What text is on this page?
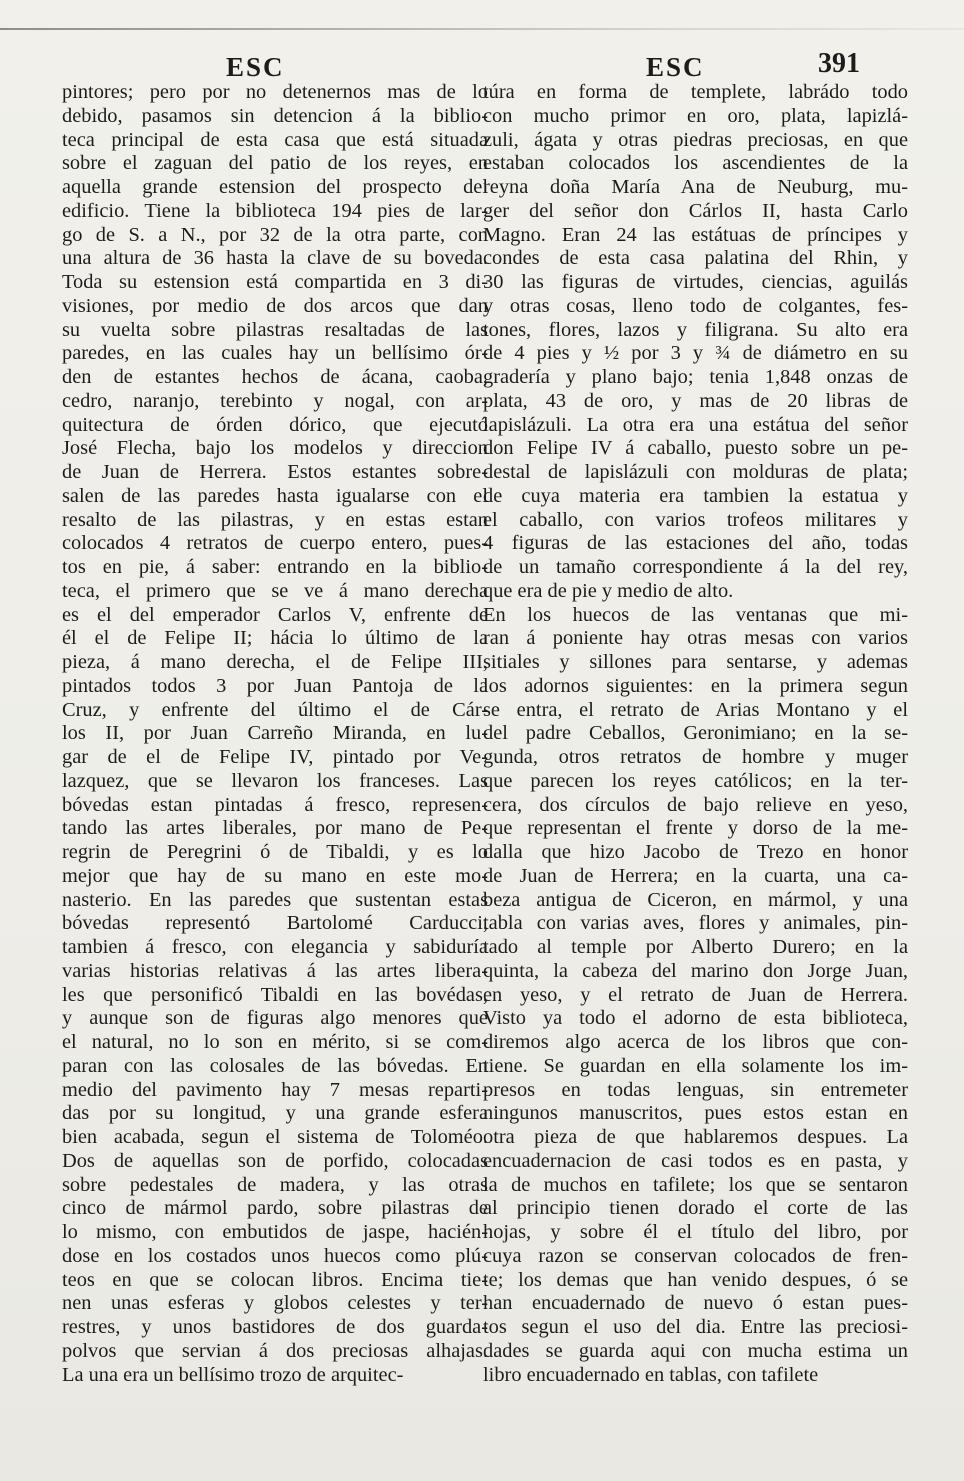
ESC	ESC	391
pintores; pero por no detenernos mas de lo
debido, pasamos sin detencion á la biblio-
teca principal de esta casa que está situada
sobre el zaguan del patio de los reyes, en
aquella grande estension del prospecto del
edificio. Tiene la biblioteca 194 pies de lar-
go de S. a N., por 32 de la otra parte, con
una altura de 36 hasta la clave de su boveda.
Toda su estension está compartida en 3 di-
visiones, por medio de dos arcos que dan
su vuelta sobre pilastras resaltadas de las
paredes, en las cuales hay un bellísimo ór-
den de estantes hechos de ácana, caoba,
cedro, naranjo, terebinto y nogal, con ar-
quitectura de órden dórico, que ejecutó
José Flecha, bajo los modelos y direccion
de Juan de Herrera. Estos estantes sobre-
salen de las paredes hasta igualarse con el
resalto de las pilastras, y en estas estan
colocados 4 retratos de cuerpo entero, pues-
tos en pie, á saber: entrando en la biblio-
teca, el primero que se ve á mano derecha
es el del emperador Carlos V, enfrente de
él el de Felipe II; hácia lo último de la
pieza, á mano derecha, el de Felipe III,
pintados todos 3 por Juan Pantoja de la
Cruz, y enfrente del último el de Cár-
los II, por Juan Carreño Miranda, en lu-
gar de el de Felipe IV, pintado por Ve-
lazquez, que se llevaron los franceses. Las
bóvedas estan pintadas á fresco, represen-
tando las artes liberales, por mano de Pe-
regrin de Peregrini ó de Tibaldi, y es lo
mejor que hay de su mano en este mo-
nasterio. En las paredes que sustentan estas
bóvedas representó Bartolomé Carducci,
tambien á fresco, con elegancia y sabiduría
varias historias relativas á las artes libera-
les que personificó Tibaldi en las bovédas,
y aunque son de figuras algo menores que
el natural, no lo son en mérito, si se com-
paran con las colosales de las bóvedas. En
medio del pavimento hay 7 mesas reparti-
das por su longitud, y una grande esfera
bien acabada, segun el sistema de Toloméo.
Dos de aquellas son de porfido, colocadas
sobre pedestales de madera, y las otras
cinco de mármol pardo, sobre pilastras de
lo mismo, con embutidos de jaspe, hacién-
dose en los costados unos huecos como plú-
teos en que se colocan libros. Encima tie-
nen unas esferas y globos celestes y ter-
restres, y unos bastidores de dos guarda-
polvos que servian á dos preciosas alhajas.
La una era un bellísimo trozo de arquitec-
túra en forma de templete, labrádo todo
con mucho primor en oro, plata, lapizlá-
zuli, ágata y otras piedras preciosas, en que
estaban colocados los ascendientes de la
reyna doña María Ana de Neuburg, mu-
ger del señor don Cárlos II, hasta Carlo
Magno. Eran 24 las estátuas de príncipes y
condes de esta casa palatina del Rhin, y
30 las figuras de virtudes, ciencias, aguilás
y otras cosas, lleno todo de colgantes, fes-
tones, flores, lazos y filigrana. Su alto era
de 4 pies y ½ por 3 y ¾ de diámetro en su
gradería y plano bajo; tenia 1,848 onzas de
plata, 43 de oro, y mas de 20 libras de
lapislázuli. La otra era una estátua del señor
don Felipe IV á caballo, puesto sobre un pe-
destal de lapislázuli con molduras de plata;
de cuya materia era tambien la estatua y
el caballo, con varios trofeos militares y
4 figuras de las estaciones del año, todas
de un tamaño correspondiente á la del rey,
que era de pie y medio de alto.
En los huecos de las ventanas que mi-
ran á poniente hay otras mesas con varios
sitiales y sillones para sentarse, y ademas
los adornos siguientes: en la primera segun
se entra, el retrato de Arias Montano y el
del padre Ceballos, Geronimiano; en la se-
gunda, otros retratos de hombre y muger
que parecen los reyes católicos; en la ter-
cera, dos círculos de bajo relieve en yeso,
que representan el frente y dorso de la me-
dalla que hizo Jacobo de Trezo en honor
de Juan de Herrera; en la cuarta, una ca-
beza antigua de Ciceron, en mármol, y una
tabla con varias aves, flores y animales, pin-
tado al temple por Alberto Durero; en la
quinta, la cabeza del marino don Jorge Juan,
en yeso, y el retrato de Juan de Herrera.
Visto ya todo el adorno de esta biblioteca,
diremos algo acerca de los libros que con-
tiene. Se guardan en ella solamente los im-
presos en todas lenguas, sin entremeter
ningunos manuscritos, pues estos estan en
otra pieza de que hablaremos despues. La
encuadernacion de casi todos es en pasta, y
la de muchos en tafilete; los que se sentaron
al principio tienen dorado el corte de las
hojas, y sobre él el título del libro, por
cuya razon se conservan colocados de fren-
te; los demas que han venido despues, ó se
han encuadernado de nuevo ó estan pues-
tos segun el uso del dia. Entre las preciosi-
dades se guarda aqui con mucha estima un
libro encuadernado en tablas, con tafilete
